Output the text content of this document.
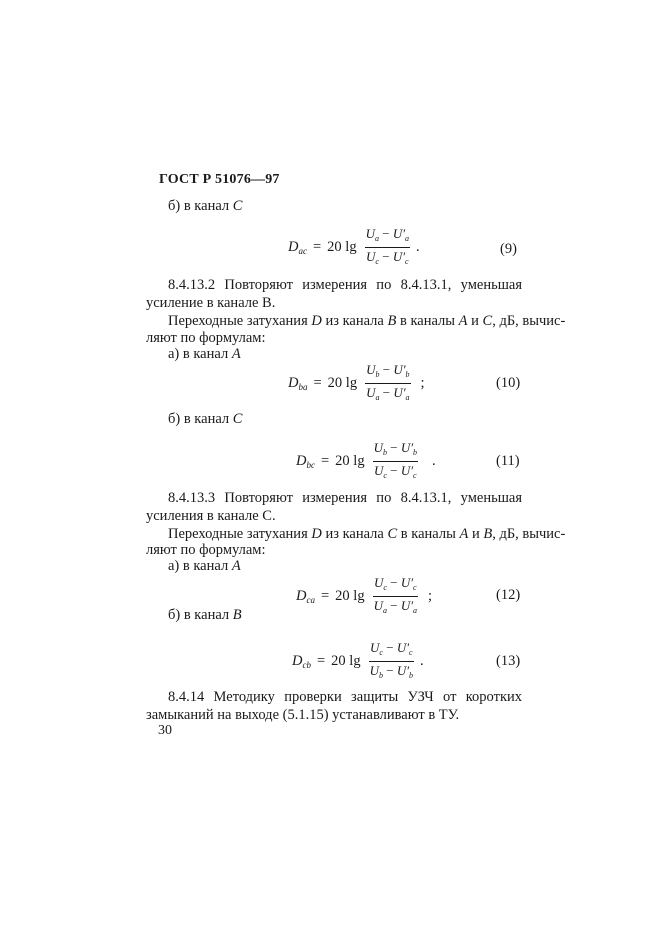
ГОСТ Р 51076—97
б) в канал C
$D_{ac} = 20$ $\lg \frac{U_a - U'_a}{U_c - U'_c}$ .	(9)
8.4.13.2 Повторяют измерения по 8.4.13.1, уменьшая усиление в канале В.
Переходные затухания D из канала B в каналы A и C, дБ, вычис-
ляют по формулам:
а) в канал A
$D_{ba} = 20$ $\lg \frac{U_b - U'_b}{U_a - U'_a}$ ;	(10)
б) в канал C
$D_{bc} = 20$ $\lg \frac{U_b - U'_b}{U_c - U'_c}$ .	(11)
8.4.13.3 Повторяют измерения по 8.4.13.1, уменьшая усиления в канале С.
Переходные затухания D из канала C в каналы A и B, дБ, вычис-
ляют по формулам:
а) в канал A
$D_{ca} = 20$ $\lg \frac{U_c - U'_c}{U_a - U'_a}$ ;	(12)
б) в канал B
$D_{cb} = 20$ $\lg \frac{U_c - U'_c}{U_b - U'_b}$ .	(13)
8.4.14 Методику проверки защиты УЗЧ от коротких замыканий на выходе (5.1.15) устанавливают в ТУ.
30
